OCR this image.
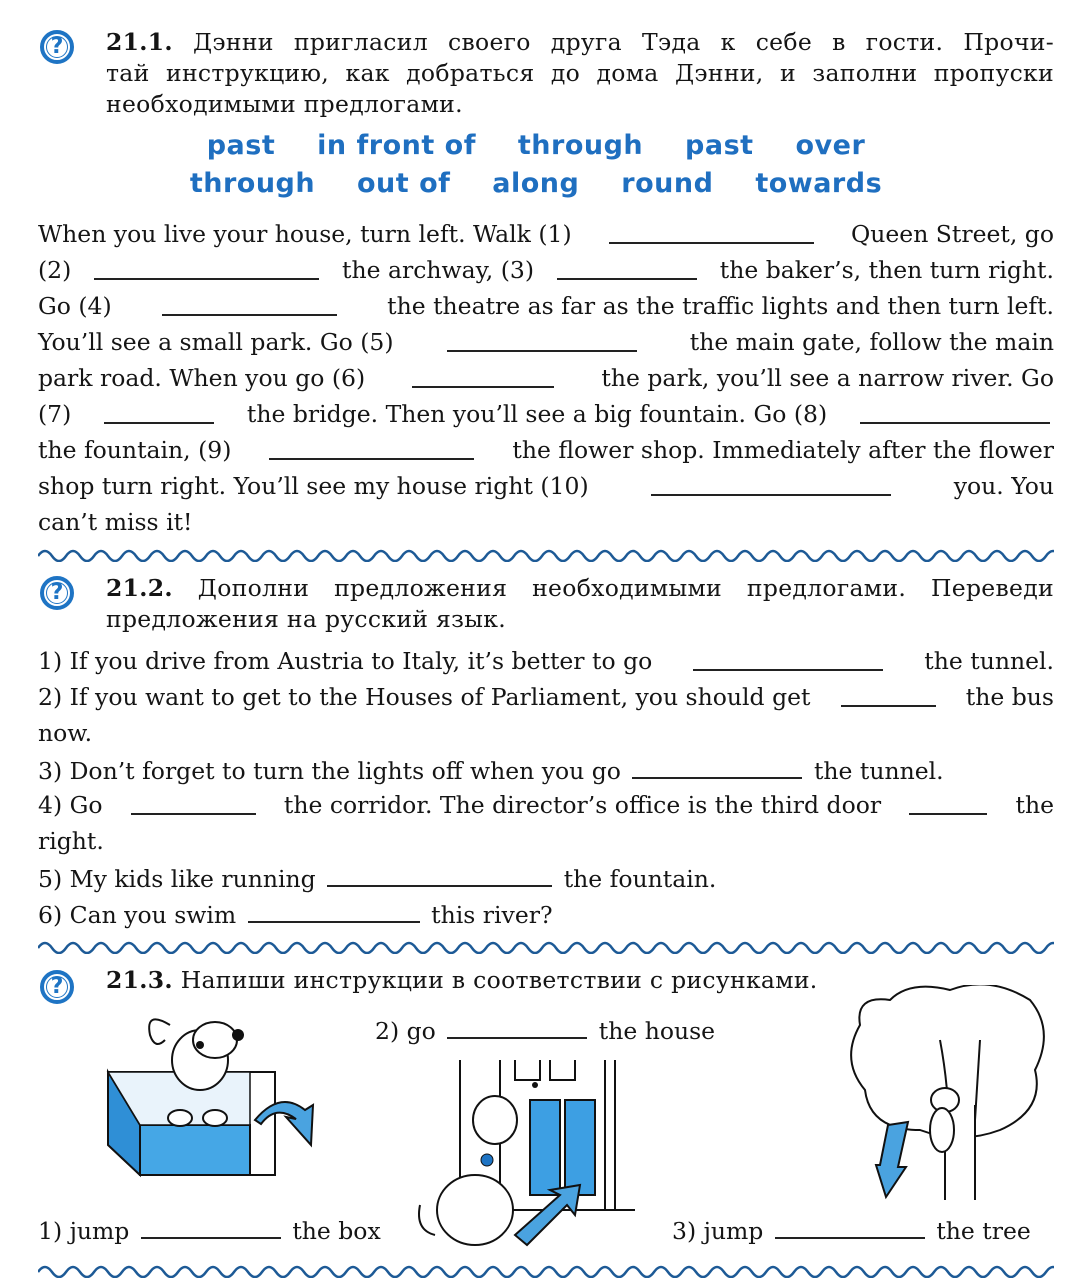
?	21.1. Дэнни пригласил своего друга Тэда к себе в гости. Прочи-
тай инструкцию, как добраться до дома Дэнни, и заполни пропуски
необходимыми предлогами.
past in front of through past over
through out of along round towards
When you live your house, turn left. Walk (1)	Queen Street, go
(2)	the archway, (3)	the baker’s, then turn right.
Go (4)	the theatre as far as the traffic lights and then turn left.
You’ll see a small park. Go (5)	the main gate, follow the main
park road. When you go (6)	the park, you’ll see a narrow river. Go
(7)	the bridge. Then you’ll see a big fountain. Go (8)
the fountain, (9)	the flower shop. Immediately after the flower
shop turn right. You’ll see my house right (10)	you. You
can’t miss it!
?	21.2. Дополни предложения необходимыми предлогами. Переведи
предложения на русский язык.
1) If you drive from Austria to Italy, it’s better to go	the tunnel.
2) If you want to get to the Houses of Parliament, you should get	the bus
now.
3) Don’t forget to turn the lights off when you go	the tunnel.
4) Go	the corridor. The director’s office is the third door	the
right.
5) My kids like running	the fountain.
6) Can you swim	this river?
?	21.3. Напиши инструкции в соответствии с рисунками.
1) jump	the box
2) go	the house
3) jump	the tree
